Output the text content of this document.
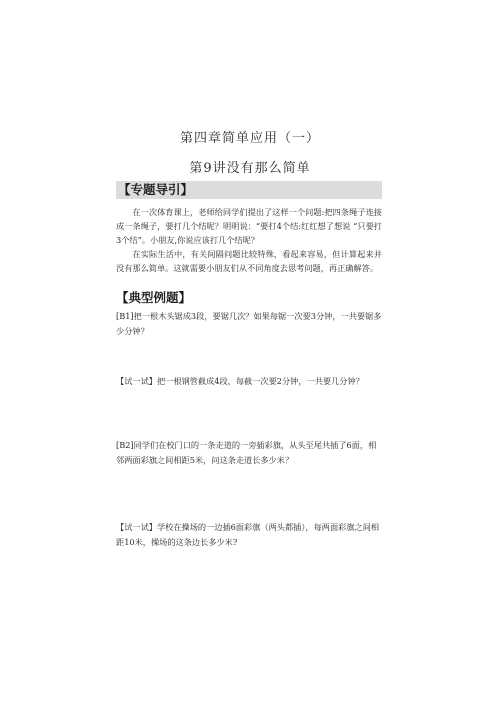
第四章简单应用（一）
第9讲没有那么简单
【专题导引】

在一次体育课上，老师给同学们提出了这样一个问题:把四条绳子连接成一条绳子，要打几个结呢？明明说：“要打4个结:红红想了想说 “只要打3个结”。小朋友,你说应该打几个结呢？

在实际生活中，有关间隔问题比较特殊，看起来容易，但计算起来并没有那么简单。这就需要小朋友们从不同角度去思考问题，再正确解答。

【典型例题】
[B1]把一根木头锯成3段，要锯几次？如果每锯一次要3分钟，一共要锯多少分钟？
【试一试】把一根钢管截成4段，每截一次要2分钟，一共要几分钟？
[B2]同学们在校门口的一条走道的一旁插彩旗，从头至尾共插了6面，相邻两面彩旗之间相距5米，问这条走道长多少米？
【试一试】学校在操场的一边插6面彩旗（两头都插），每两面彩旗之间相距10米，操场的这条边长多少米?
